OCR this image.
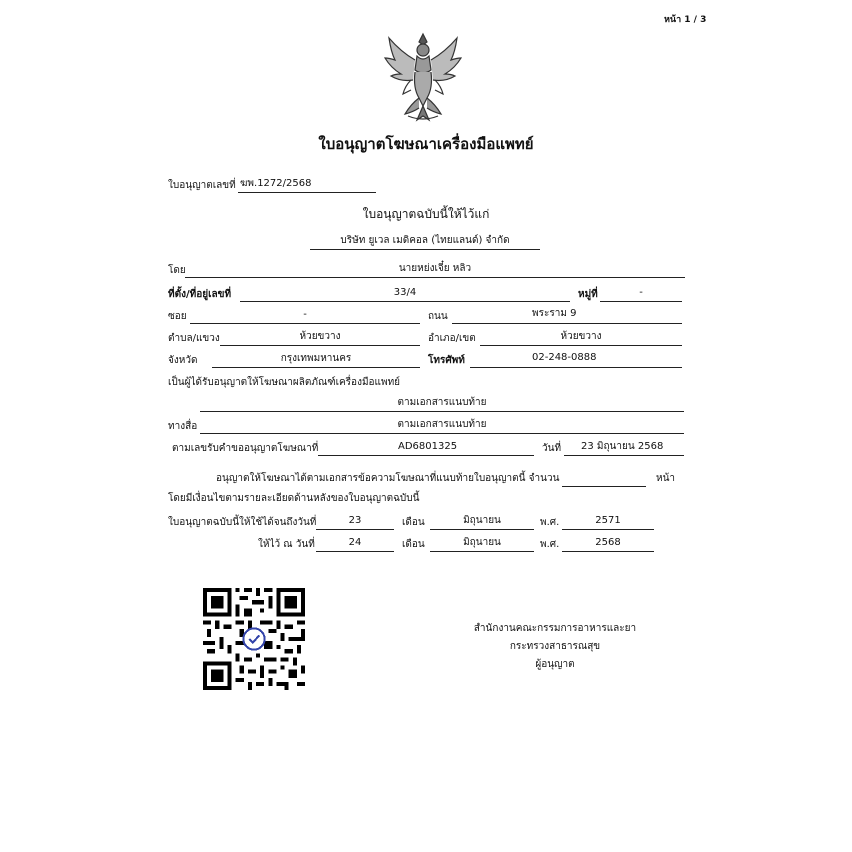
หน้า 1 / 3
ใบอนุญาตโฆษณาเครื่องมือแพทย์
ใบอนุญาตเลขที่ ฆพ.1272/2568
ใบอนุญาตฉบับนี้ให้ไว้แก่
บริษัท ยูเวล เมดิคอล (ไทยแลนด์) จำกัด
โดย	นายหย่งเจี๋ย หลิว
ที่ตั้ง/ที่อยู่เลขที่	33/4	หมู่ที่	-
ซอย	-	ถนน	พระราม 9
ตำบล/แขวง	ห้วยขวาง	อำเภอ/เขต	ห้วยขวาง
จังหวัด	กรุงเทพมหานคร	โทรศัพท์	02-248-0888
เป็นผู้ได้รับอนุญาตให้โฆษณาผลิตภัณฑ์เครื่องมือแพทย์
ตามเอกสารแนบท้าย
ทางสื่อ	ตามเอกสารแนบท้าย
ตามเลขรับคำขออนุญาตโฆษณาที่	AD6801325	วันที่ 23 มิถุนายน 2568
อนุญาตให้โฆษณาได้ตามเอกสารข้อความโฆษณาที่แนบท้ายใบอนุญาตนี้ จำนวน	หน้า
โดยมีเงื่อนไขตามรายละเอียดด้านหลังของใบอนุญาตฉบับนี้
ใบอนุญาตฉบับนี้ให้ใช้ได้จนถึงวันที่	23	เดือน	มิถุนายน	พ.ศ.	2571
ให้ไว้ ณ วันที่	24	เดือน	มิถุนายน	พ.ศ.	2568
สำนักงานคณะกรรมการอาหารและยา
กระทรวงสาธารณสุข
ผู้อนุญาต
